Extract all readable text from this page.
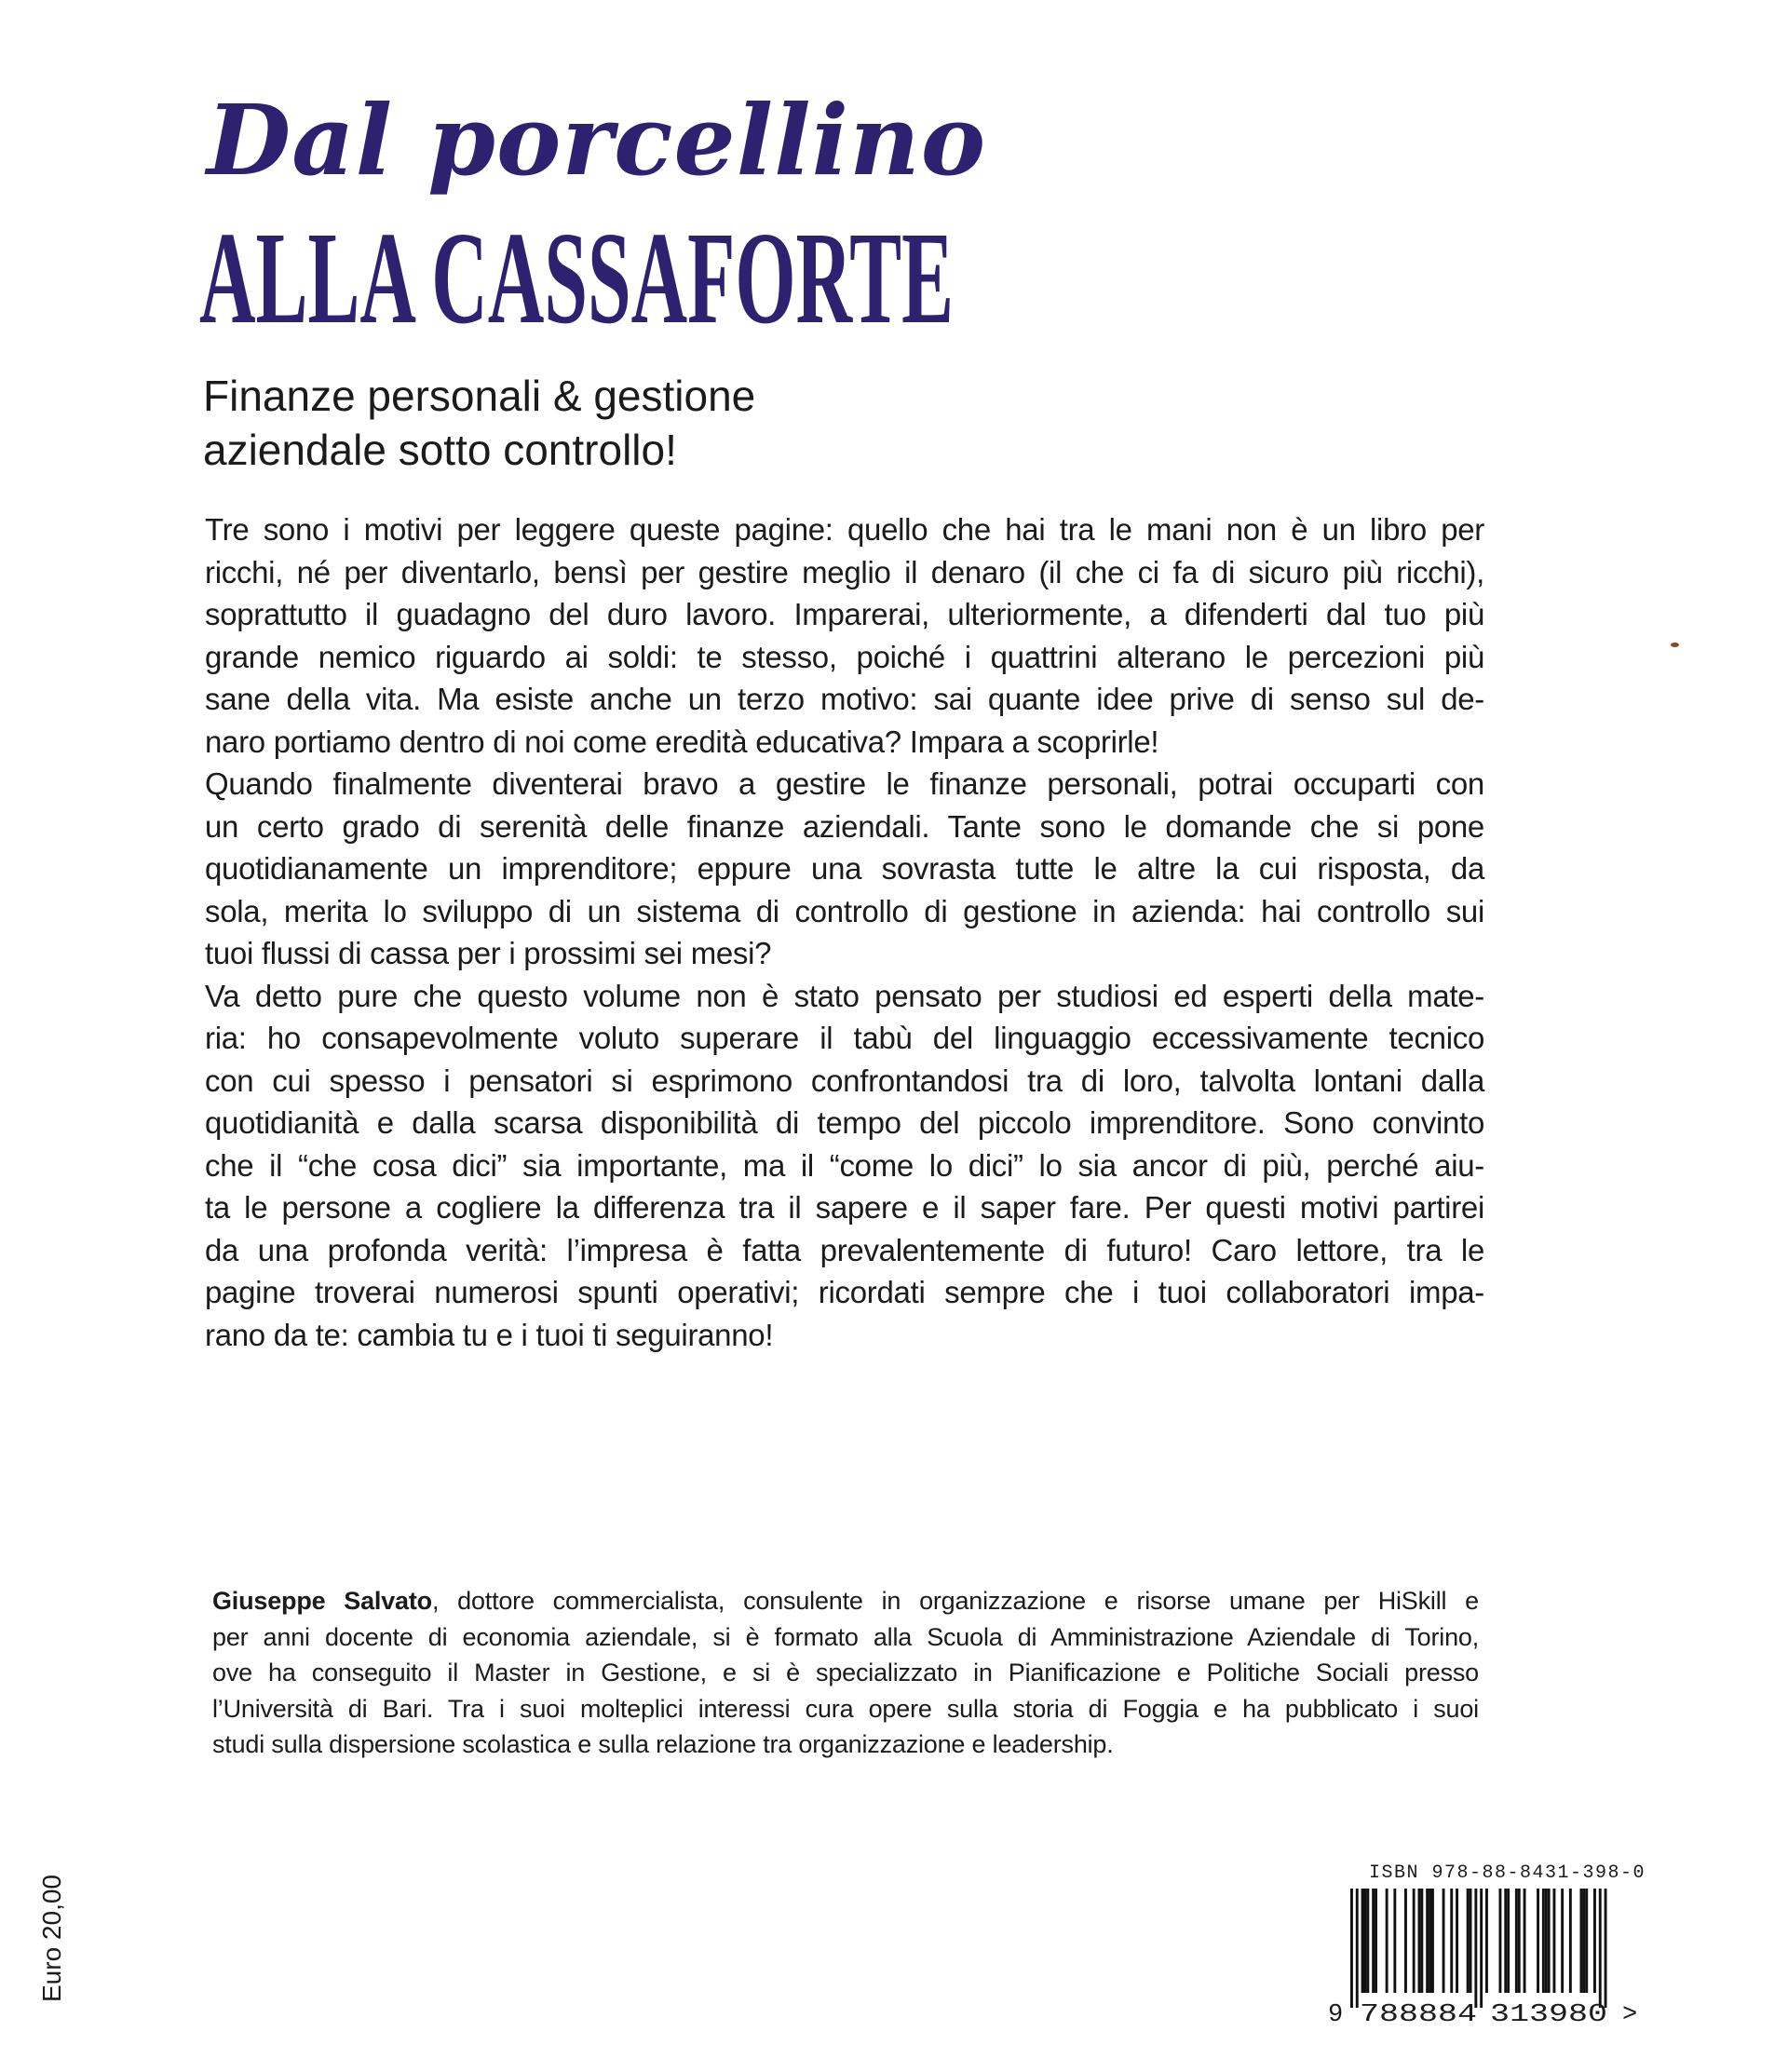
Dal porcellino
ALLA CASSAFORTE
Finanze personali & gestione
aziendale sotto controllo!
Tre sono i motivi per leggere queste pagine: quello che hai tra le mani non è un libro per
ricchi, né per diventarlo, bensì per gestire meglio il denaro (il che ci fa di sicuro più ricchi),
soprattutto il guadagno del duro lavoro. Imparerai, ulteriormente, a difenderti dal tuo più
grande nemico riguardo ai soldi: te stesso, poiché i quattrini alterano le percezioni più
sane della vita. Ma esiste anche un terzo motivo: sai quante idee prive di senso sul de-
naro portiamo dentro di noi come eredità educativa? Impara a scoprirle!
Quando finalmente diventerai bravo a gestire le finanze personali, potrai occuparti con
un certo grado di serenità delle finanze aziendali. Tante sono le domande che si pone
quotidianamente un imprenditore; eppure una sovrasta tutte le altre la cui risposta, da
sola, merita lo sviluppo di un sistema di controllo di gestione in azienda: hai controllo sui
tuoi flussi di cassa per i prossimi sei mesi?
Va detto pure che questo volume non è stato pensato per studiosi ed esperti della mate-
ria: ho consapevolmente voluto superare il tabù del linguaggio eccessivamente tecnico
con cui spesso i pensatori si esprimono confrontandosi tra di loro, talvolta lontani dalla
quotidianità e dalla scarsa disponibilità di tempo del piccolo imprenditore. Sono convinto
che il “che cosa dici” sia importante, ma il “come lo dici” lo sia ancor di più, perché aiu-
ta le persone a cogliere la differenza tra il sapere e il saper fare. Per questi motivi partirei
da una profonda verità: l’impresa è fatta prevalentemente di futuro! Caro lettore, tra le
pagine troverai numerosi spunti operativi; ricordati sempre che i tuoi collaboratori impa-
rano da te: cambia tu e i tuoi ti seguiranno!
Giuseppe Salvato, dottore commercialista, consulente in organizzazione e risorse umane per HiSkill e
per anni docente di economia aziendale, si è formato alla Scuola di Amministrazione Aziendale di Torino,
ove ha conseguito il Master in Gestione, e si è specializzato in Pianificazione e Politiche Sociali presso
l’Università di Bari. Tra i suoi molteplici interessi cura opere sulla storia di Foggia e ha pubblicato i suoi
studi sulla dispersione scolastica e sulla relazione tra organizzazione e leadership.
Euro 20,00
ISBN 978-88-8431-398-0
9 788884 313980 >
